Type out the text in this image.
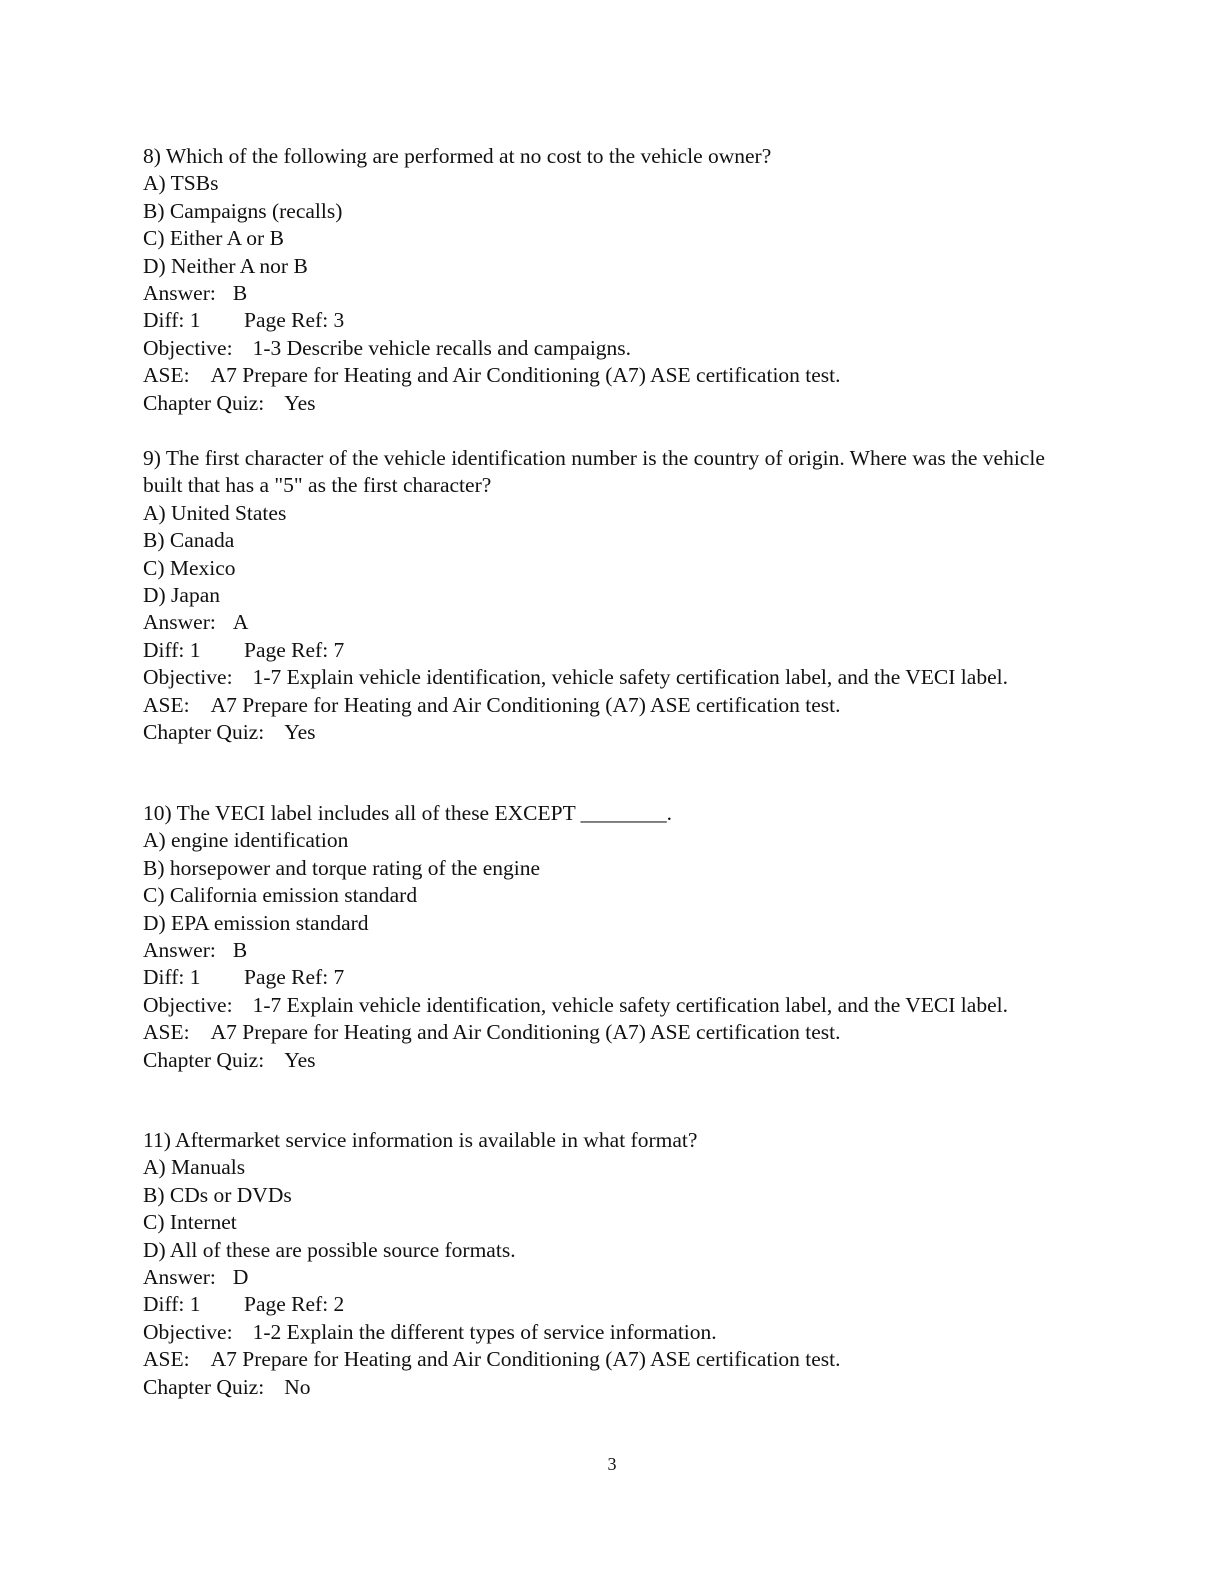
8) Which of the following are performed at no cost to the vehicle owner?
A) TSBs
B) Campaigns (recalls)
C) Either A or B
D) Neither A nor B
Answer: B
Diff: 1 Page Ref: 3
Objective: 1-3 Describe vehicle recalls and campaigns.
ASE: A7 Prepare for Heating and Air Conditioning (A7) ASE certification test.
Chapter Quiz: Yes
9) The first character of the vehicle identification number is the country of origin. Where was the vehicle built that has a "5" as the first character?
A) United States
B) Canada
C) Mexico
D) Japan
Answer: A
Diff: 1 Page Ref: 7
Objective: 1-7 Explain vehicle identification, vehicle safety certification label, and the VECI label.
ASE: A7 Prepare for Heating and Air Conditioning (A7) ASE certification test.
Chapter Quiz: Yes
10) The VECI label includes all of these EXCEPT ________.
A) engine identification
B) horsepower and torque rating of the engine
C) California emission standard
D) EPA emission standard
Answer: B
Diff: 1 Page Ref: 7
Objective: 1-7 Explain vehicle identification, vehicle safety certification label, and the VECI label.
ASE: A7 Prepare for Heating and Air Conditioning (A7) ASE certification test.
Chapter Quiz: Yes
11) Aftermarket service information is available in what format?
A) Manuals
B) CDs or DVDs
C) Internet
D) All of these are possible source formats.
Answer: D
Diff: 1 Page Ref: 2
Objective: 1-2 Explain the different types of service information.
ASE: A7 Prepare for Heating and Air Conditioning (A7) ASE certification test.
Chapter Quiz: No
3
